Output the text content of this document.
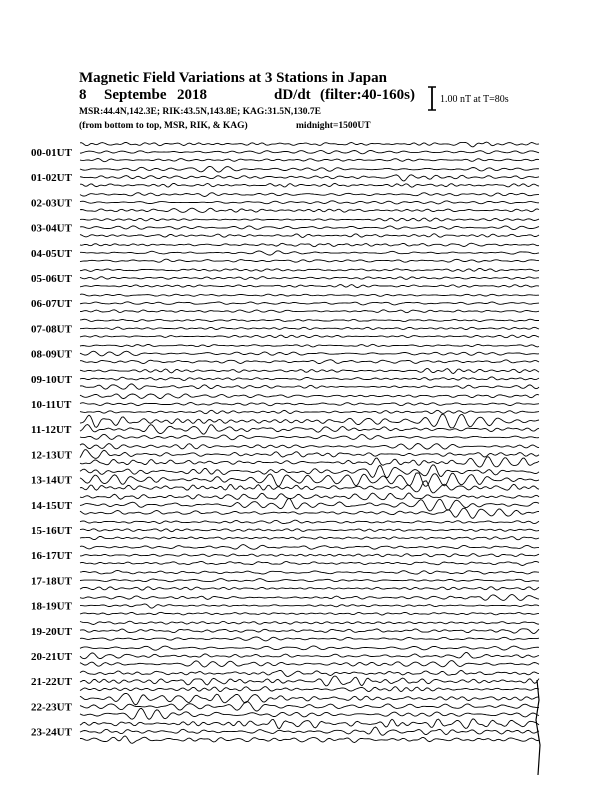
Magnetic Field Variations at 3 Stations in Japan
8 Septembe 2018	dD/dt (filter:40-160s)
MSR:44.4N,142.3E; RIK:43.5N,143.8E; KAG:31.5N,130.7E
(from bottom to top, MSR, RIK, & KAG)	midnight=1500UT
1.00 nT at T=80s
00-01UT
01-02UT
02-03UT
03-04UT
04-05UT
05-06UT
06-07UT
07-08UT
08-09UT
09-10UT
10-11UT
11-12UT
12-13UT
13-14UT
14-15UT
15-16UT
16-17UT
17-18UT
18-19UT
19-20UT
20-21UT
21-22UT
22-23UT
23-24UT
